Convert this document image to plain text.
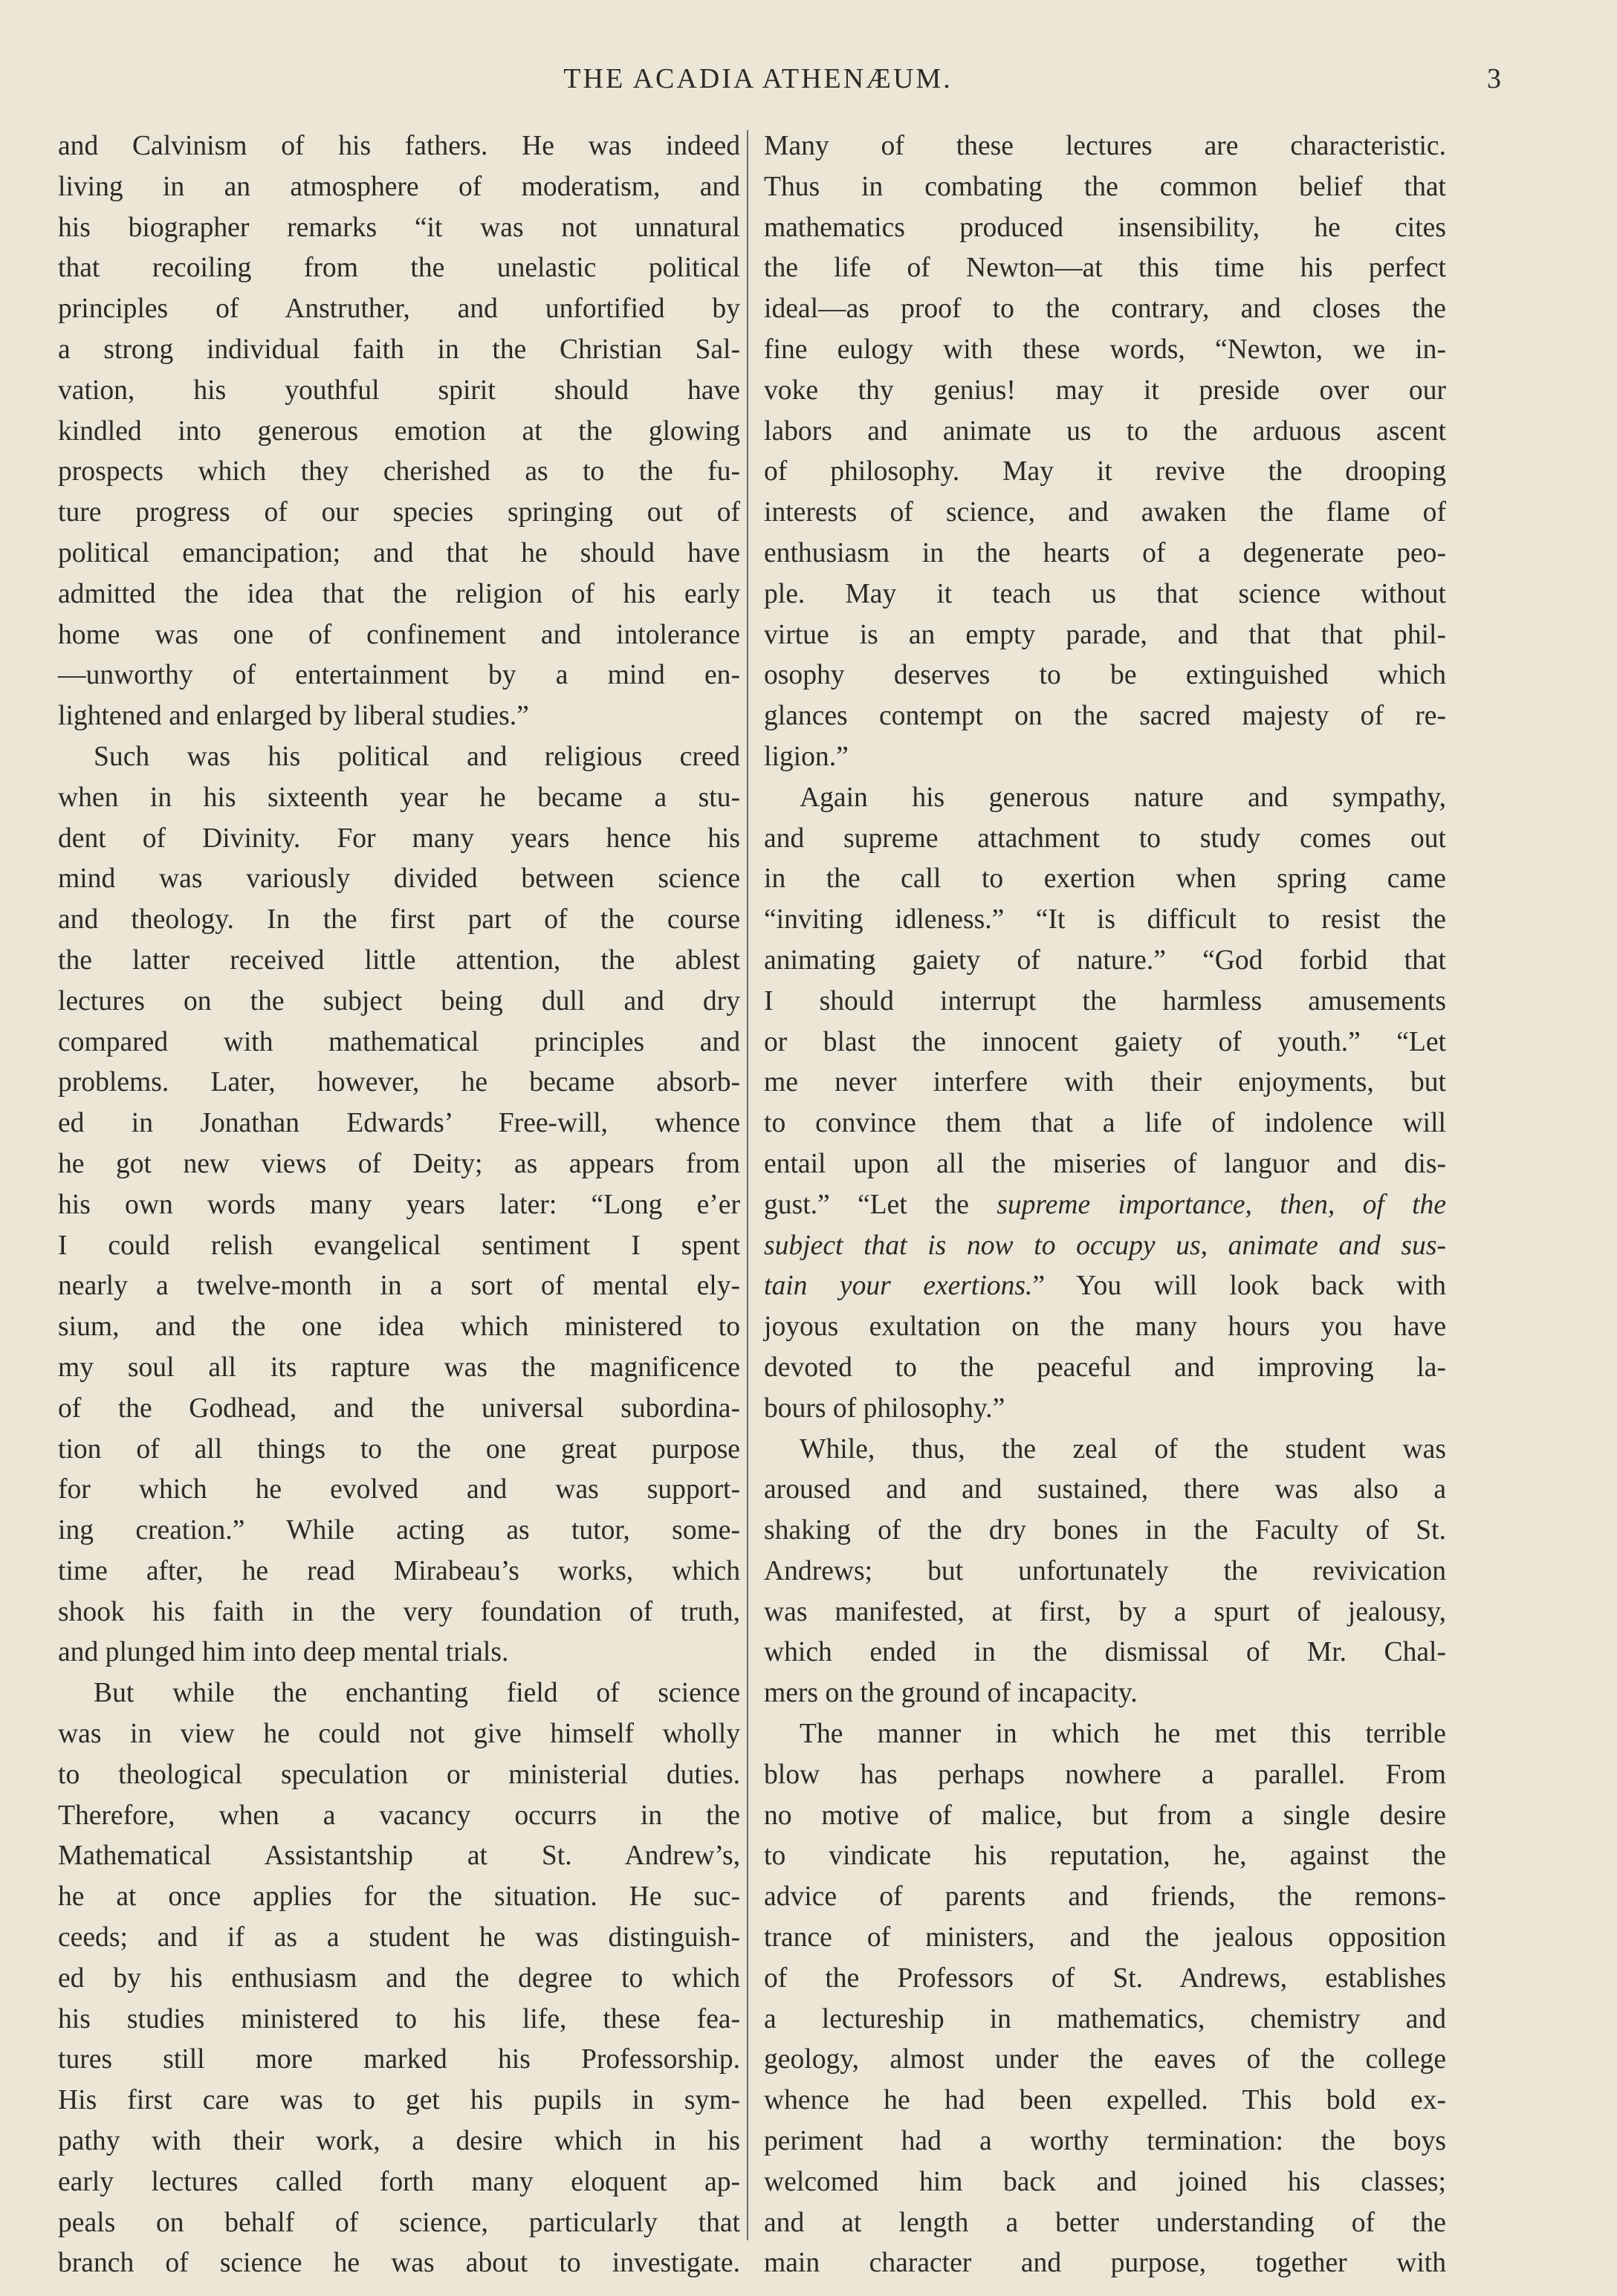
THE ACADIA ATHENÆUM.	3
and Calvinism of his fathers. He was indeed
living in an atmosphere of moderatism, and
his biographer remarks “it was not unnatural
that recoiling from the unelastic political
principles of Anstruther, and unfortified by
a strong individual faith in the Christian Sal-
vation, his youthful spirit should have
kindled into generous emotion at the glowing
prospects which they cherished as to the fu-
ture progress of our species springing out of
political emancipation; and that he should have
admitted the idea that the religion of his early
home was one of confinement and intolerance
—unworthy of entertainment by a mind en-
lightened and enlarged by liberal studies.”
Such was his political and religious creed
when in his sixteenth year he became a stu-
dent of Divinity. For many years hence his
mind was variously divided between science
and theology. In the first part of the course
the latter received little attention, the ablest
lectures on the subject being dull and dry
compared with mathematical principles and
problems. Later, however, he became absorb-
ed in Jonathan Edwards’ Free-will, whence
he got new views of Deity; as appears from
his own words many years later: “Long e’er
I could relish evangelical sentiment I spent
nearly a twelve-month in a sort of mental ely-
sium, and the one idea which ministered to
my soul all its rapture was the magnificence
of the Godhead, and the universal subordina-
tion of all things to the one great purpose
for which he evolved and was support-
ing creation.” While acting as tutor, some-
time after, he read Mirabeau’s works, which
shook his faith in the very foundation of truth,
and plunged him into deep mental trials.
But while the enchanting field of science
was in view he could not give himself wholly
to theological speculation or ministerial duties.
Therefore, when a vacancy occurrs in the
Mathematical Assistantship at St. Andrew’s,
he at once applies for the situation. He suc-
ceeds; and if as a student he was distinguish-
ed by his enthusiasm and the degree to which
his studies ministered to his life, these fea-
tures still more marked his Professorship.
His first care was to get his pupils in sym-
pathy with their work, a desire which in his
early lectures called forth many eloquent ap-
peals on behalf of science, particularly that
branch of science he was about to investigate.
Many of these lectures are characteristic.
Thus in combating the common belief that
mathematics produced insensibility, he cites
the life of Newton—at this time his perfect
ideal—as proof to the contrary, and closes the
fine eulogy with these words, “Newton, we in-
voke thy genius! may it preside over our
labors and animate us to the arduous ascent
of philosophy. May it revive the drooping
interests of science, and awaken the flame of
enthusiasm in the hearts of a degenerate peo-
ple. May it teach us that science without
virtue is an empty parade, and that that phil-
osophy deserves to be extinguished which
glances contempt on the sacred majesty of re-
ligion.”
Again his generous nature and sympathy,
and supreme attachment to study comes out
in the call to exertion when spring came
“inviting idleness.” “It is difficult to resist the
animating gaiety of nature.” “God forbid that
I should interrupt the harmless amusements
or blast the innocent gaiety of youth.” “Let
me never interfere with their enjoyments, but
to convince them that a life of indolence will
entail upon all the miseries of languor and dis-
gust.” “Let the supreme importance, then, of the
subject that is now to occupy us, animate and sus-
tain your exertions.” You will look back with
joyous exultation on the many hours you have
devoted to the peaceful and improving la-
bours of philosophy.”
While, thus, the zeal of the student was
aroused and and sustained, there was also a
shaking of the dry bones in the Faculty of St.
Andrews; but unfortunately the revivication
was manifested, at first, by a spurt of jealousy,
which ended in the dismissal of Mr. Chal-
mers on the ground of incapacity.
The manner in which he met this terrible
blow has perhaps nowhere a parallel. From
no motive of malice, but from a single desire
to vindicate his reputation, he, against the
advice of parents and friends, the remons-
trance of ministers, and the jealous opposition
of the Professors of St. Andrews, establishes
a lectureship in mathematics, chemistry and
geology, almost under the eaves of the college
whence he had been expelled. This bold ex-
periment had a worthy termination: the boys
welcomed him back and joined his classes;
and at length a better understanding of the
main character and purpose, together with
